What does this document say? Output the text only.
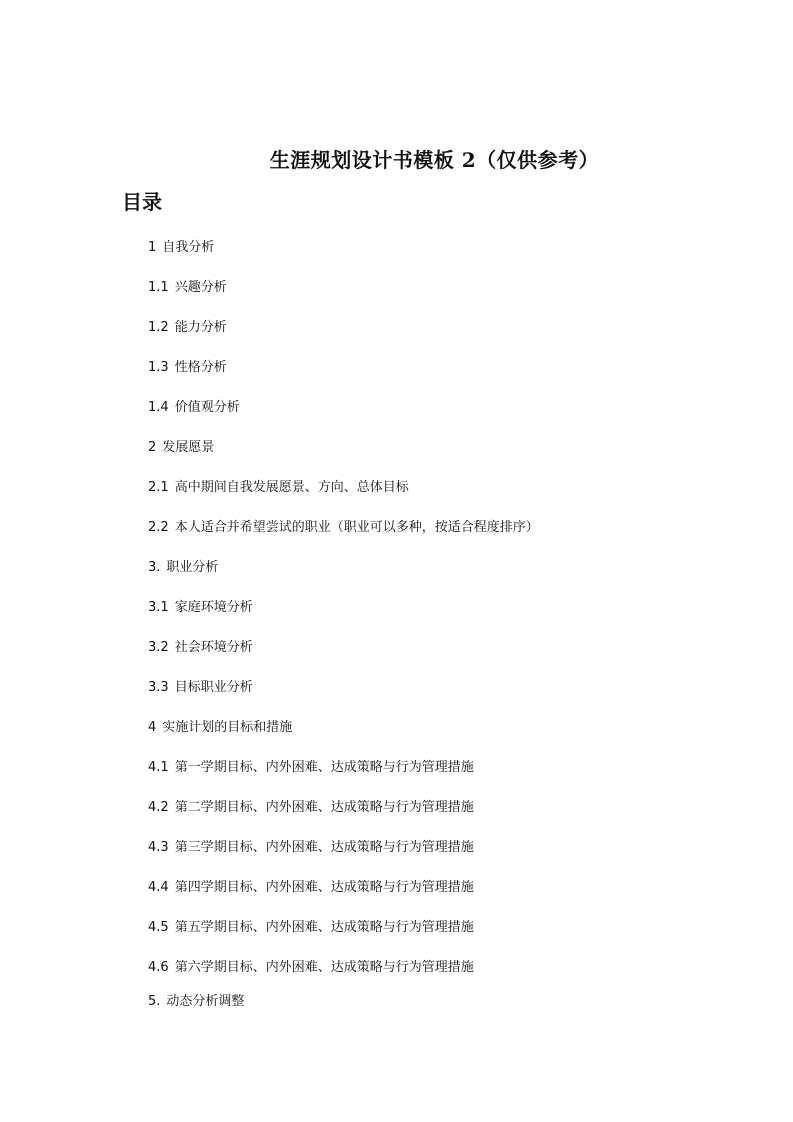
生涯规划设计书模板 2（仅供参考）
目录
1 自我分析
1.1 兴趣分析
1.2 能力分析
1.3 性格分析
1.4 价值观分析
2 发展愿景
2.1 高中期间自我发展愿景、方向、总体目标
2.2 本人适合并希望尝试的职业（职业可以多种，按适合程度排序）
3. 职业分析
3.1 家庭环境分析
3.2 社会环境分析
3.3 目标职业分析
4 实施计划的目标和措施
4.1 第一学期目标、内外困难、达成策略与行为管理措施
4.2 第二学期目标、内外困难、达成策略与行为管理措施
4.3 第三学期目标、内外困难、达成策略与行为管理措施
4.4 第四学期目标、内外困难、达成策略与行为管理措施
4.5 第五学期目标、内外困难、达成策略与行为管理措施
4.6 第六学期目标、内外困难、达成策略与行为管理措施
5. 动态分析调整
